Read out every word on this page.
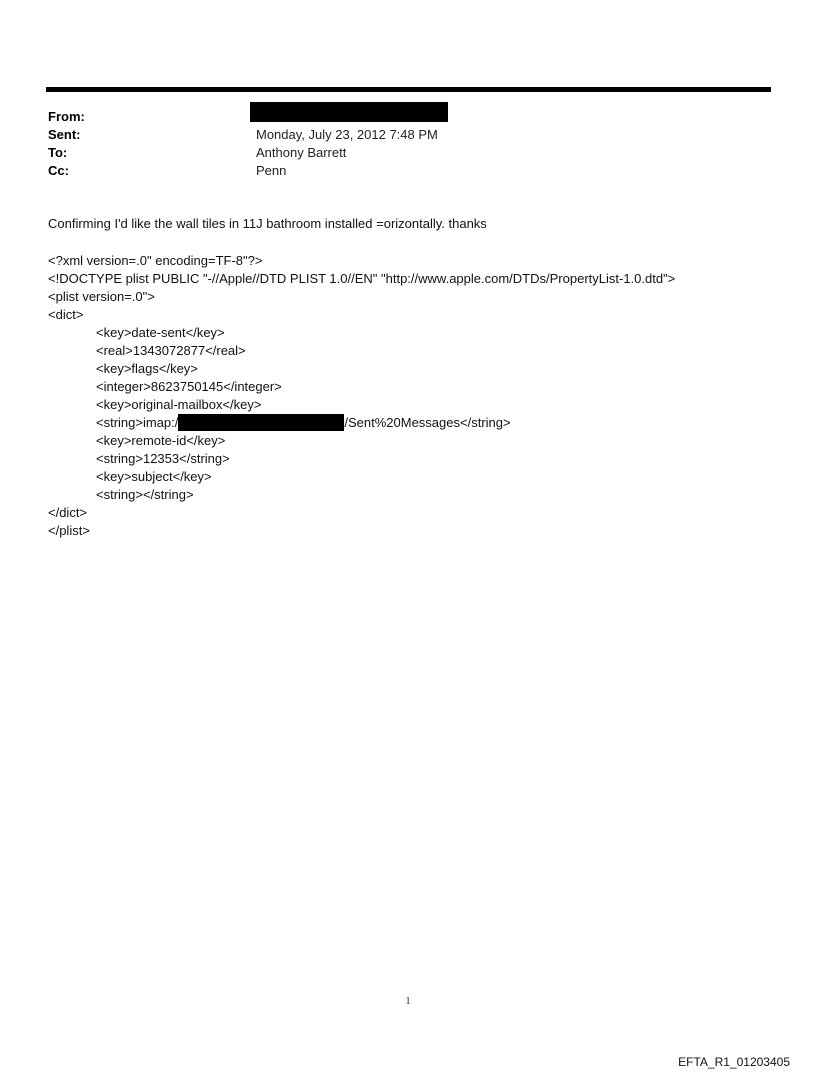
From:
Sent:	Monday, July 23, 2012 7:48 PM
To:	Anthony Barrett
Cc:	Penn
Confirming I'd like the wall tiles in 11J bathroom installed =orizontally. thanks
<?xml version=.0" encoding=TF-8"?>
<!DOCTYPE plist PUBLIC "-//Apple//DTD PLIST 1.0//EN" "http://www.apple.com/DTDs/PropertyList-1.0.dtd">
<plist version=.0">
<dict>
<key>date-sent</key>
<real>1343072877</real>
<key>flags</key>
<integer>8623750145</integer>
<key>original-mailbox</key>
<string>imap:/	/Sent%20Messages</string>
<key>remote-id</key>
<string>12353</string>
<key>subject</key>
<string></string>
</dict>
</plist>
1
EFTA_R1_01203405
